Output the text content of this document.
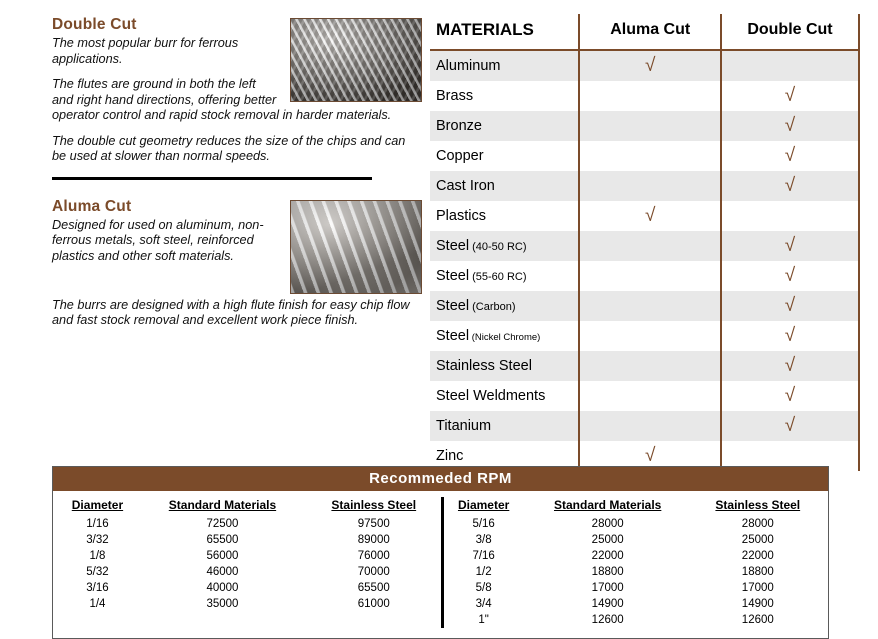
Double Cut

The most popular burr for ferrous applications.

The flutes are ground in both the left and right hand directions, offering better operator control and rapid stock removal in harder materials.

The double cut geometry reduces the size of the chips and can be used at slower than normal speeds.

Aluma Cut

Designed for used on aluminum, non-ferrous metals, soft steel, reinforced plastics and other soft materials.

The burrs are designed with a high flute finish for easy chip flow and fast stock removal and excellent work piece finish.

MATERIALS	Aluma Cut	Double Cut
Aluminum	√	
Brass		√
Bronze		√
Copper		√
Cast Iron		√
Plastics	√	
Steel (40-50 RC)		√
Steel (55-60 RC)		√
Steel (Carbon)		√
Steel (Nickel Chrome)		√
Stainless Steel		√
Steel Weldments		√
Titanium		√
Zinc	√	
Recommeded RPM
Diameter	Standard Materials	Stainless Steel
1/16	72500	97500
3/32	65500	89000
1/8	56000	76000
5/32	46000	70000
3/16	40000	65500
1/4	35000	61000
Diameter	Standard Materials	Stainless Steel
5/16	28000	28000
3/8	25000	25000
7/16	22000	22000
1/2	18800	18800
5/8	17000	17000
3/4	14900	14900
1"	12600	12600
